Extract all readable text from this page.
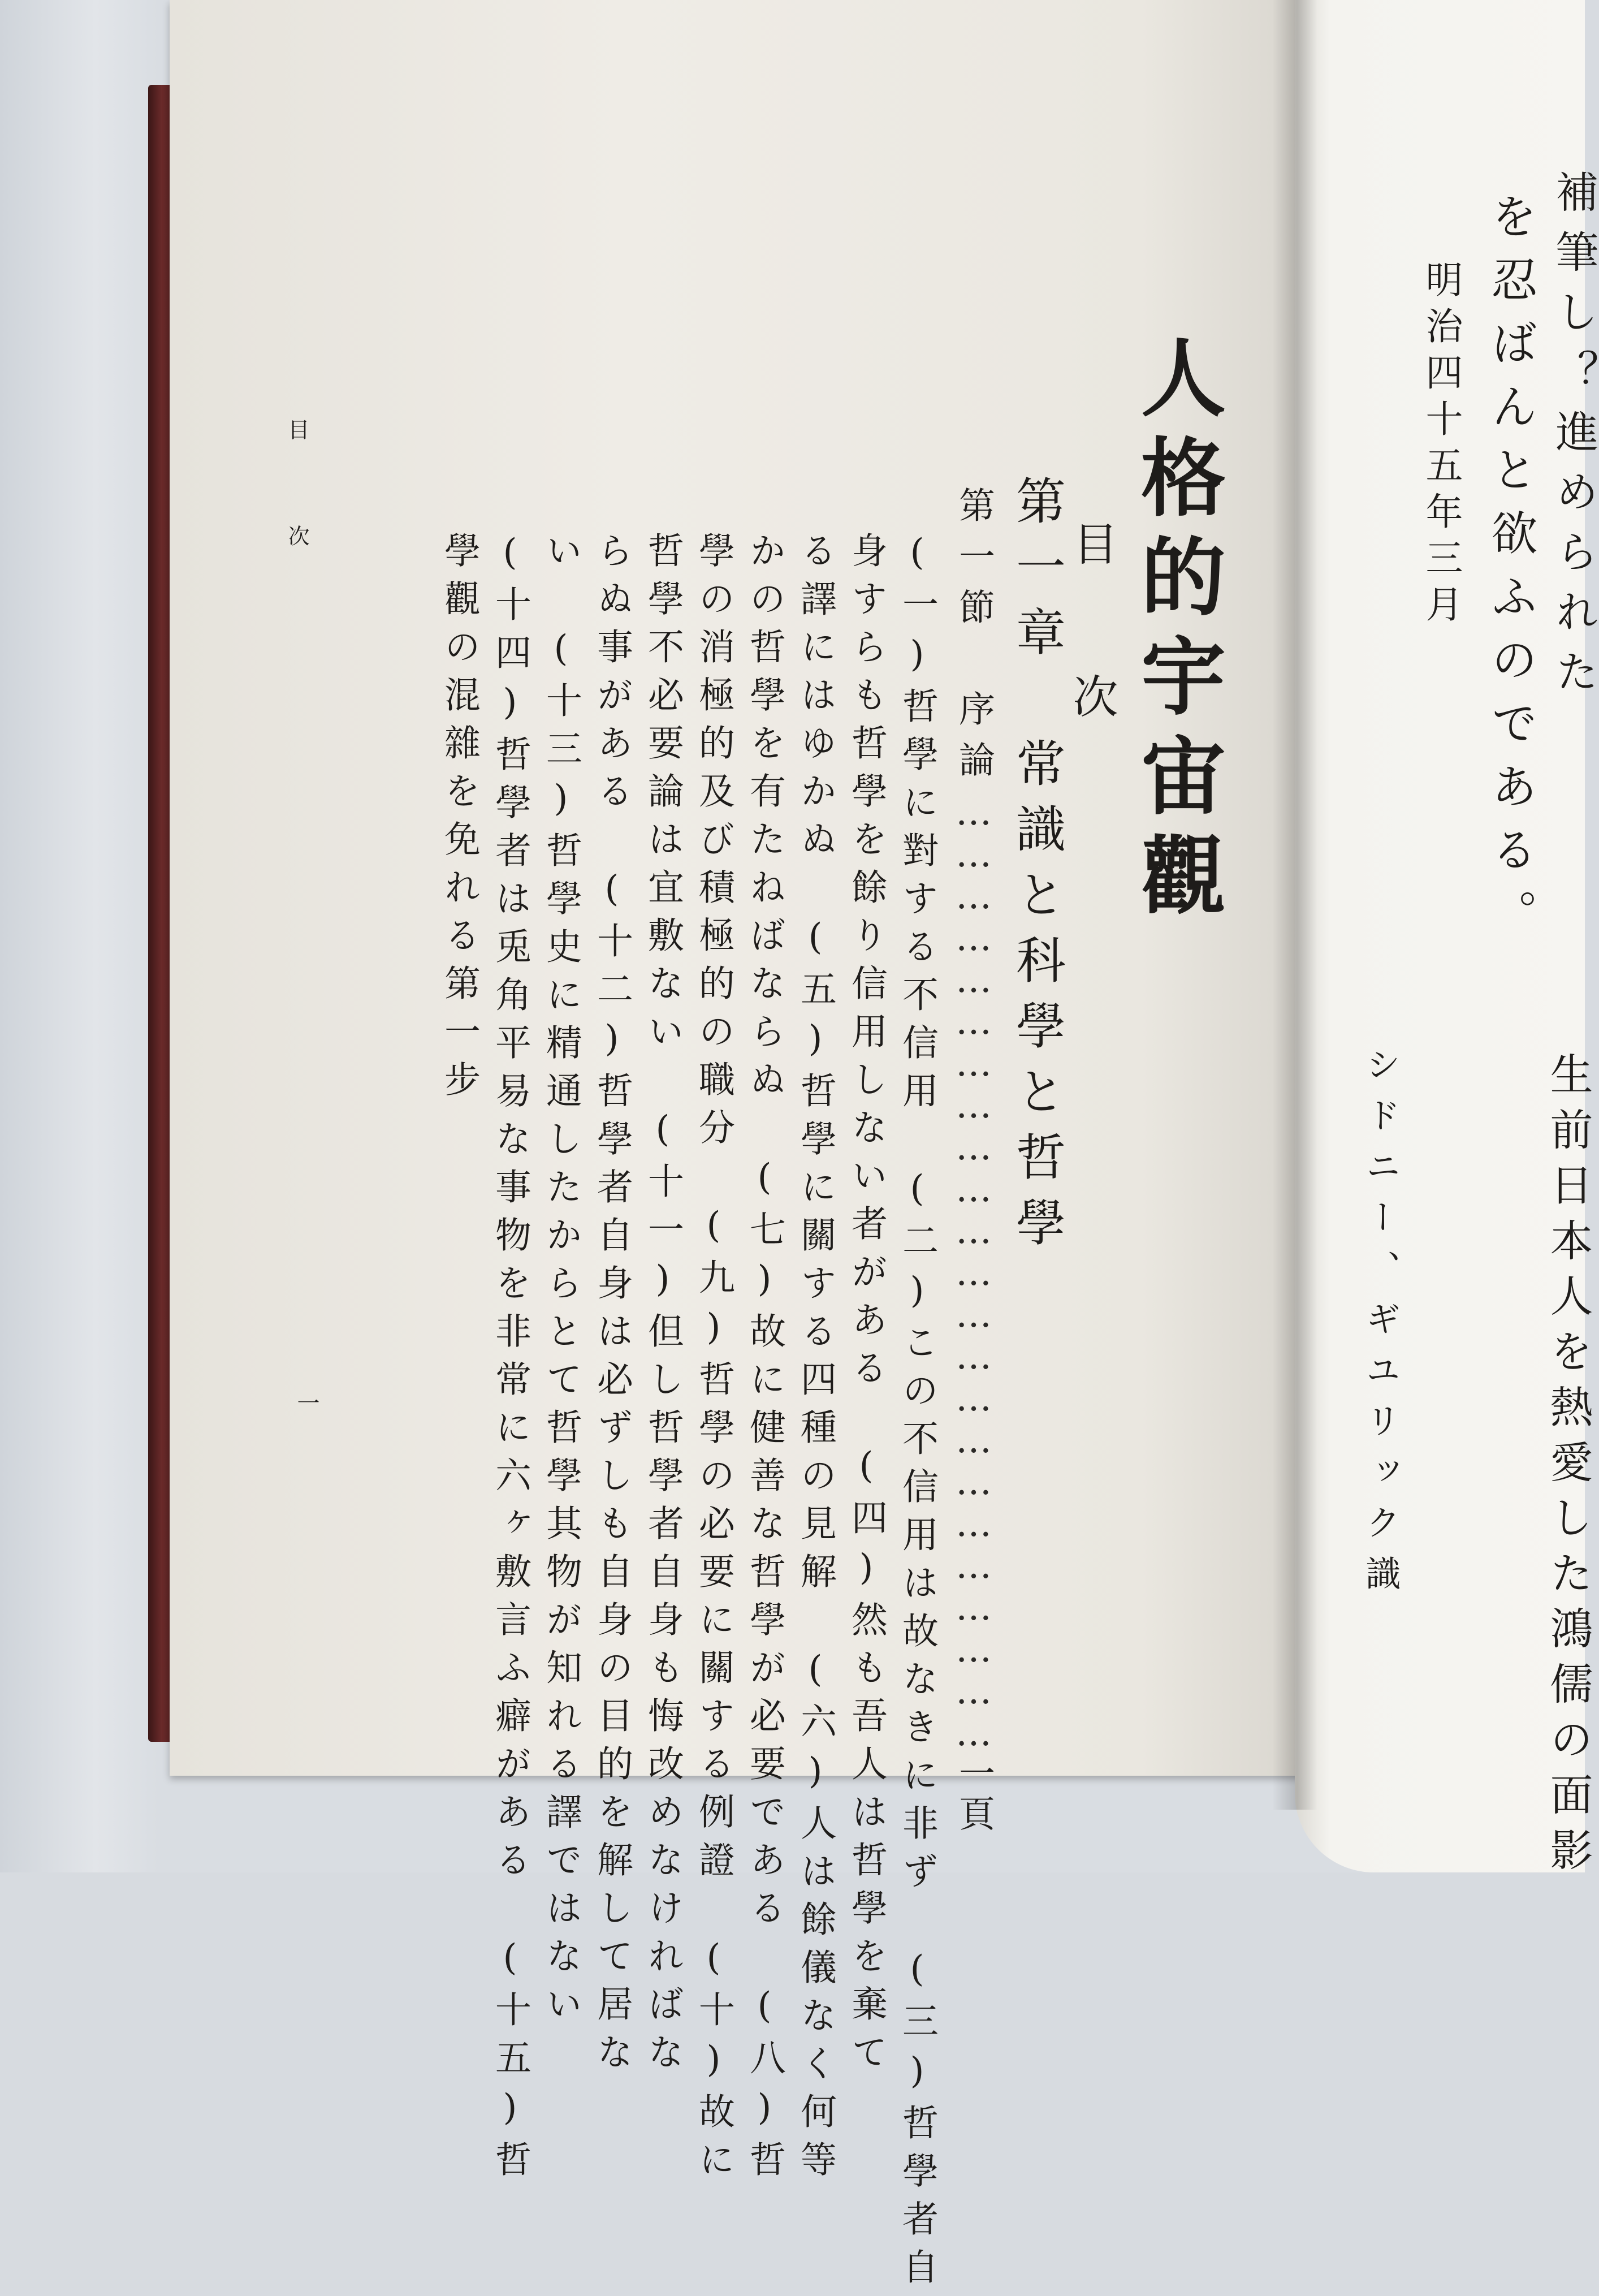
人格的宇宙觀
目次
第一章　常識と科學と哲學
第一節　序論……………………………………………………………一頁
(一)哲學に對する不信用　(二)この不信用は故なきに非ず　(三)哲學者自
身すらも哲學を餘り信用しない者がある　(四)然も吾人は哲學を棄て
る譯にはゆかぬ　(五)哲學に關する四種の見解　(六)人は餘儀なく何等
かの哲學を有たねばならぬ　(七)故に健善な哲學が必要である　(八)哲
學の消極的及び積極的の職分　(九)哲學の必要に關する例證　(十)故に
哲學不必要論は宜敷ない　(十一)但し哲學者自身も悔改めなければな
らぬ事がある　(十二)哲學者自身は必ずしも自身の目的を解して居な
い　(十三)哲學史に精通したからとて哲學其物が知れる譯ではない
(十四)哲學者は兎角平易な事物を非常に六ヶ敷言ふ癖がある　(十五)哲
學觀の混雜を免れる第一步
目次
一
補筆し？進められた
生前日本人を熱愛した鴻儒の面影
を忍ばんと欲ふのである。
明治四十五年三月
シドニー、ギユリック識
